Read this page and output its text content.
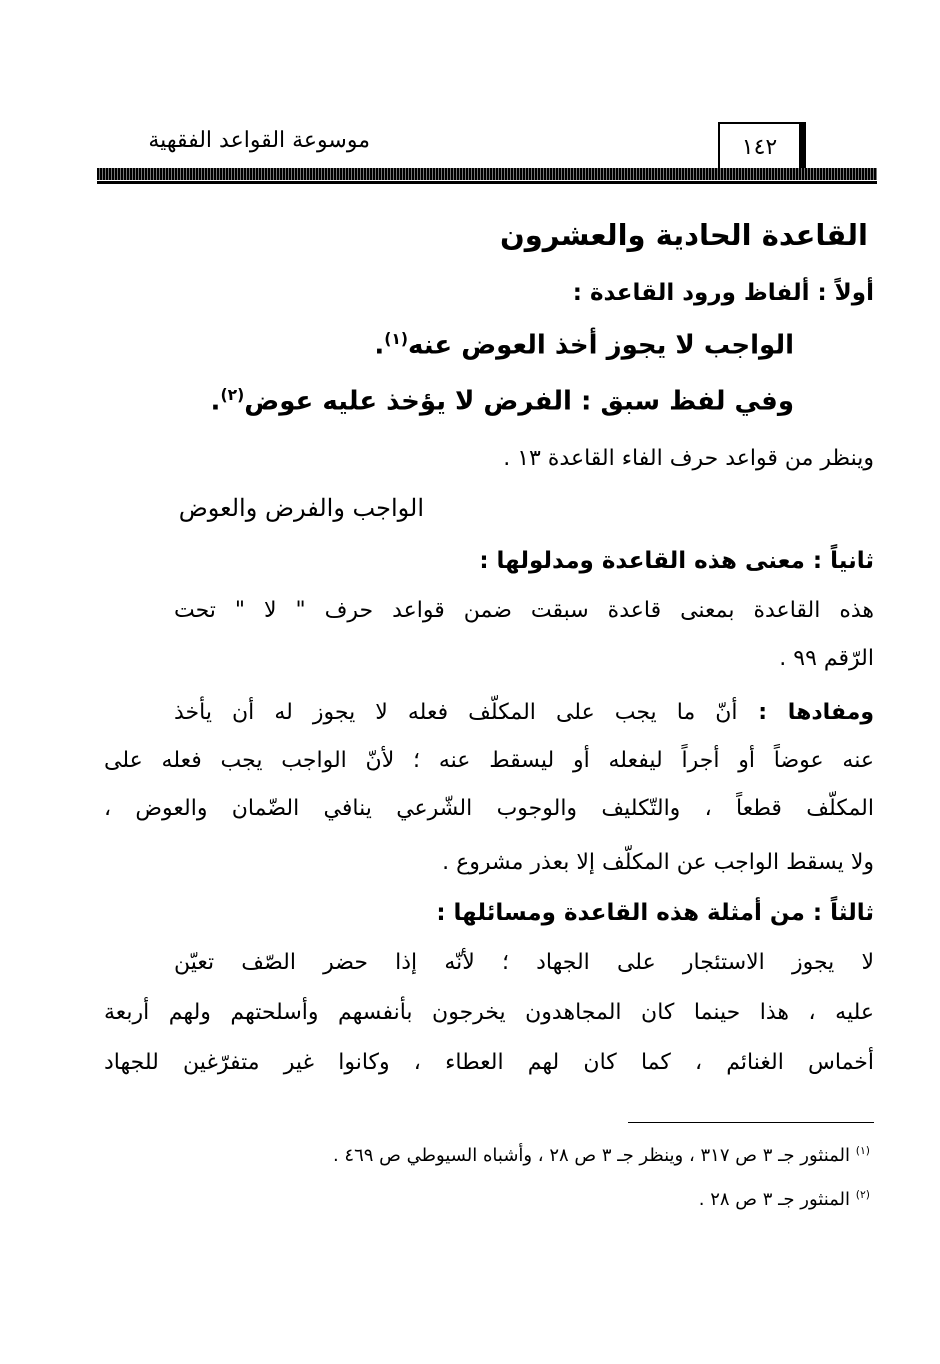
١٤٢
موسوعة القواعد الفقهية
القاعدة الحادية والعشرون
أولاً : ألفاظ ورود القاعدة :
الواجب لا يجوز أخذ العوض عنه$^{(١)}$.
وفي لفظ سبق : الفرض لا يؤخذ عليه عوض$^{(٢)}$.
وينظر من قواعد حرف الفاء القاعدة ١٣ .
الواجب والفرض والعوض
ثانياً : معنى هذه القاعدة ومدلولها :
هذه القاعدة بمعنى قاعدة سبقت ضمن قواعد حرف " لا " تحت
الرّقم ٩٩ .
ومفادها : أنّ ما يجب على المكلّف فعله لا يجوز له أن يأخذ
عنه عوضاً أو أجراً ليفعله أو ليسقط عنه ؛ لأنّ الواجب يجب فعله على
المكلّف قطعاً ، والتّكليف والوجوب الشّرعي ينافي الضّمان والعوض ،
ولا يسقط الواجب عن المكلّف إلا بعذر مشروع .
ثالثاً : من أمثلة هذه القاعدة ومسائلها :
لا يجوز الاستئجار على الجهاد ؛ لأنّه إذا حضر الصّف تعيّن
عليه ، هذا حينما كان المجاهدون يخرجون بأنفسهم وأسلحتهم ولهم أربعة
أخماس الغنائم ، كما كان لهم العطاء ، وكانوا غير متفرّغين للجهاد
$^{(١)}$ المنثور جـ ٣ ص ٣١٧ ، وينظر جـ ٣ ص ٢٨ ، وأشباه السيوطي ص ٤٦٩ .
$^{(٢)}$ المنثور جـ ٣ ص ٢٨ .
